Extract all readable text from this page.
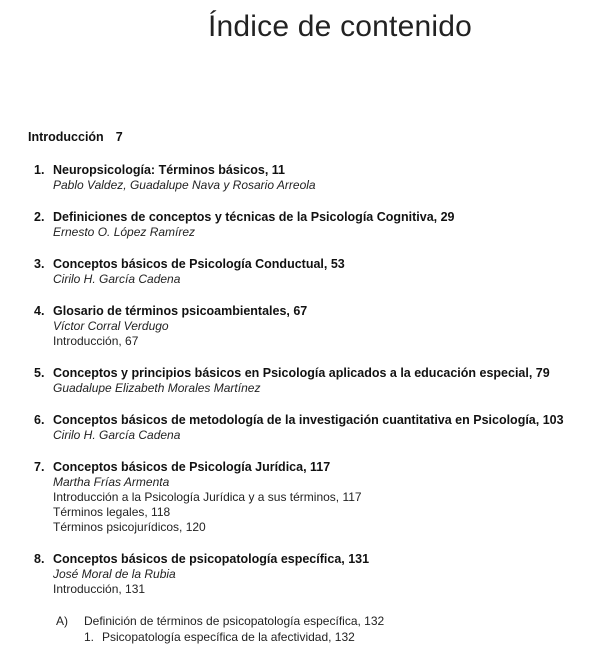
Índice de contenido
Introducción 7
1. Neuropsicología: Términos básicos, 11
Pablo Valdez, Guadalupe Nava y Rosario Arreola
2. Definiciones de conceptos y técnicas de la Psicología Cognitiva, 29
Ernesto O. López Ramírez
3. Conceptos básicos de Psicología Conductual, 53
Cirilo H. García Cadena
4. Glosario de términos psicoambientales, 67
Víctor Corral Verdugo
Introducción, 67
5. Conceptos y principios básicos en Psicología aplicados a la educación especial, 79
Guadalupe Elizabeth Morales Martínez
6. Conceptos básicos de metodología de la investigación cuantitativa en Psicología, 103
Cirilo H. García Cadena
7. Conceptos básicos de Psicología Jurídica, 117
Martha Frías Armenta
Introducción a la Psicología Jurídica y a sus términos, 117
Términos legales, 118
Términos psicojurídicos, 120
8. Conceptos básicos de psicopatología específica, 131
José Moral de la Rubia
Introducción, 131
A) Definición de términos de psicopatología específica, 132
1. Psicopatología específica de la afectividad, 132
